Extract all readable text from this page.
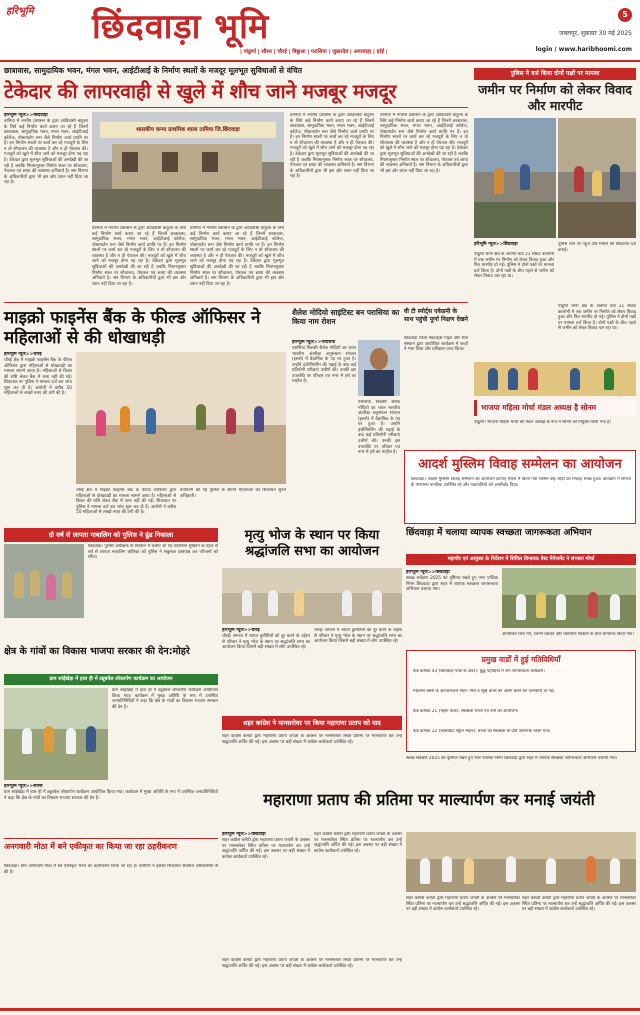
हरिभूमि छिंदवाड़ा भूमि	5
जबलपुर, शुक्रवार 30 मई 2025
login / www.haribhoomi.com
| पांढुर्णा | सौसर | चौरई | बिछुआ | परासिया | जुन्नारदेव | अमरवाड़ा | हर्रई |
छात्रावास, सामुदायिक भवन, मंगल भवन, आईटीआई के निर्माण स्थलों के मजदूर मूलभूत सुविधाओं से वंचित
टेकेदार की लापरवाही से खुले में शौच जाने मजबूर मजदूर
हरिभूमि न्यूज>>छिंदवाड़ा
तामिया में नगरीय प्रशासन के द्वारा आदिवासी बाहुल्य के लिये कई निर्माण कार्य कराए जा रहे हैं जिनमें छात्रावास, सामुदायिक भवन, मंगल भवन, आईटीआई कॉलेज, पोस्टमार्टम रूम जैसे निर्माण कार्य प्रगति पर हैं। इन निर्माण स्थलों पर कार्य कर रहे मजदूरों के लिए न तो शौचालय की व्यवस्था है और न ही पेयजल की। मजदूरों को खुले में शौच जाने को मजबूर होना पड़ रहा है। ठेकेदार द्वारा मूलभूत सुविधाओं की अनदेखी की जा रही है जबकि नियमानुसार निर्माण स्थल पर शौचालय, पेयजल एवं छाया की व्यवस्था अनिवार्य है। श्रम विभाग के अधिकारियों द्वारा भी इस ओर ध्यान नहीं दिया जा रहा है।
शासकीय कन्या प्राथमिक शाला तामिया जि.छिंदवाड़ा
तामिया में नगरीय प्रशासन के द्वारा आदिवासी बाहुल्य के लिये कई निर्माण कार्य कराए जा रहे हैं जिनमें छात्रावास, सामुदायिक भवन, मंगल भवन, आईटीआई कॉलेज, पोस्टमार्टम रूम जैसे निर्माण कार्य प्रगति पर हैं। इन निर्माण स्थलों पर कार्य कर रहे मजदूरों के लिए न तो शौचालय की व्यवस्था है और न ही पेयजल की। मजदूरों को खुले में शौच जाने को मजबूर होना पड़ रहा है। ठेकेदार द्वारा मूलभूत सुविधाओं की अनदेखी की जा रही है जबकि नियमानुसार निर्माण स्थल पर शौचालय, पेयजल एवं छाया की व्यवस्था अनिवार्य है। श्रम विभाग के अधिकारियों द्वारा भी इस ओर ध्यान नहीं दिया जा रहा है।
तामिया में नगरीय प्रशासन के द्वारा आदिवासी बाहुल्य के लिये कई निर्माण कार्य कराए जा रहे हैं जिनमें छात्रावास, सामुदायिक भवन, मंगल भवन, आईटीआई कॉलेज, पोस्टमार्टम रूम जैसे निर्माण कार्य प्रगति पर हैं। इन निर्माण स्थलों पर कार्य कर रहे मजदूरों के लिए न तो शौचालय की व्यवस्था है और न ही पेयजल की। मजदूरों को खुले में शौच जाने को मजबूर होना पड़ रहा है। ठेकेदार द्वारा मूलभूत सुविधाओं की अनदेखी की जा रही है जबकि नियमानुसार निर्माण स्थल पर शौचालय, पेयजल एवं छाया की व्यवस्था अनिवार्य है। श्रम विभाग के अधिकारियों द्वारा भी इस ओर ध्यान नहीं दिया जा रहा है।
तामिया में नगरीय प्रशासन के द्वारा आदिवासी बाहुल्य के लिये कई निर्माण कार्य कराए जा रहे हैं जिनमें छात्रावास, सामुदायिक भवन, मंगल भवन, आईटीआई कॉलेज, पोस्टमार्टम रूम जैसे निर्माण कार्य प्रगति पर हैं। इन निर्माण स्थलों पर कार्य कर रहे मजदूरों के लिए न तो शौचालय की व्यवस्था है और न ही पेयजल की। मजदूरों को खुले में शौच जाने को मजबूर होना पड़ रहा है। ठेकेदार द्वारा मूलभूत सुविधाओं की अनदेखी की जा रही है जबकि नियमानुसार निर्माण स्थल पर शौचालय, पेयजल एवं छाया की व्यवस्था अनिवार्य है। श्रम विभाग के अधिकारियों द्वारा भी इस ओर ध्यान नहीं दिया जा रहा है।
तामिया में नगरीय प्रशासन के द्वारा आदिवासी बाहुल्य के लिये कई निर्माण कार्य कराए जा रहे हैं जिनमें छात्रावास, सामुदायिक भवन, मंगल भवन, आईटीआई कॉलेज, पोस्टमार्टम रूम जैसे निर्माण कार्य प्रगति पर हैं। इन निर्माण स्थलों पर कार्य कर रहे मजदूरों के लिए न तो शौचालय की व्यवस्था है और न ही पेयजल की। मजदूरों को खुले में शौच जाने को मजबूर होना पड़ रहा है। ठेकेदार द्वारा मूलभूत सुविधाओं की अनदेखी की जा रही है जबकि नियमानुसार निर्माण स्थल पर शौचालय, पेयजल एवं छाया की व्यवस्था अनिवार्य है। श्रम विभाग के अधिकारियों द्वारा भी इस ओर ध्यान नहीं दिया जा रहा है।
पुलिस ने दर्ज किया दोनों पक्षों पर मामला
जमीन पर निर्माण को लेकर विवाद और मारपीट
हरिभूमि न्यूज>>छिंदवाड़ा	पुलिस थाने पर पहुंचे और मामले की शिकायत दर्ज कराई।
पांढुर्णा थाना क्षेत्र के अंतर्गत वार्ड 21 सम्राट कालोनी में एक जमीन पर निर्माण को लेकर विवाद हुआ और फिर मारपीट हो गई। पुलिस ने दोनों पक्षों पर मामला दर्ज किया है। दोनों पक्षों के बीच पहले से जमीन को लेकर विवाद चल रहा था।
पांढुर्णा थाना क्षेत्र के अंतर्गत वार्ड 21 सम्राट कालोनी में एक जमीन पर निर्माण को लेकर विवाद हुआ और फिर मारपीट हो गई। पुलिस ने दोनों पक्षों पर मामला दर्ज किया है। दोनों पक्षों के बीच पहले से जमीन को लेकर विवाद चल रहा था।
माइक्रो फाइनेंस बैंक के फील्ड ऑफिसर ने महिलाओं से की धोखाधड़ी
हरिभूमि न्यूज>>चौरई
चौरई क्षेत्र में माइक्रो फाइनेंस बैंक के फील्ड ऑफिसर द्वारा महिलाओं से धोखाधड़ी का मामला सामने आया है। महिलाओं से किश्त की राशि लेकर बैंक में जमा नहीं की गई। शिकायत पर पुलिस ने मामला दर्ज कर जांच शुरू कर दी है। आरोपी ने करीब 50 महिलाओं से लाखों रुपए की ठगी की है।
चौरई क्षेत्र में माइक्रो फाइनेंस बैंक के फील्ड ऑफिसर द्वारा महिलाओं से धोखाधड़ी का मामला सामने आया है। महिलाओं से किश्त की राशि लेकर बैंक में जमा नहीं की गई। शिकायत पर पुलिस ने मामला दर्ज कर जांच शुरू कर दी है। आरोपी ने करीब 50 महिलाओं से लाखों रुपए की ठगी की है।
नवीनतम की गई पुलिस के सामने महिलाओं की शिकायत सुनते अधिकारी।
शैलेश मोदियो साइंटिस्ट बन परासिया का किया नाम रोशन
हरिभूमि न्यूज>>परासिया
परासिया निवासी शैलेश मोदियो का चयन भारतीय अंतरिक्ष अनुसंधान संगठन (इसरो) में वैज्ञानिक के पद पर हुआ है। उन्होंने इंजीनियरिंग की पढ़ाई के बाद कई प्रतियोगी परीक्षाएं उत्तीर्ण की। उनकी इस उपलब्धि पर परिवार एवं नगर में हर्ष का माहौल है।
परासिया निवासी शैलेश मोदियो का चयन भारतीय अंतरिक्ष अनुसंधान संगठन (इसरो) में वैज्ञानिक के पद पर हुआ है। उन्होंने इंजीनियरिंग की पढ़ाई के बाद कई प्रतियोगी परीक्षाएं उत्तीर्ण की। उनकी इस उपलब्धि पर परिवार एवं नगर में हर्ष का माहौल है।
वी टी स्पोर्ट्स एकेडमी के साथ पहुंची पूर्णा निक्षण देखने
छिंदवाड़ा जिला स्काउट्स गाइड और सेवा संस्थान द्वारा आयोजित कार्यक्रम में बच्चों ने भाग लिया और प्रशिक्षण प्राप्त किया।
भाजपा महिला मोर्चा मंडल अध्यक्ष है सोनम
पांढुर्णा। भाजपा महिला मोर्चा की मंडल अध्यक्ष के रूप में सोनम को नियुक्त किया गया है।
आदर्श मुस्लिम विवाह सम्मेलन का आयोजन
छिंदवाड़ा। आदर्श मुस्लिम विवाह सम्मेलन का आयोजन ईदगाह मैदान में किया गया जिसमें कई जोड़ों का निकाह संपन्न हुआ। कार्यक्रम में समाज के गणमान्य नागरिक उपस्थित रहे और नवदंपतियों को आशीर्वाद दिया।
दो वर्ष से लापता नाबालिग को पुलिस ने ढूंढ निकाला
छिंदवाड़ा। पुलिस अधीक्षक के निर्देशन में चलाए जा रहे ऑपरेशन मुस्कान के तहत दो वर्ष से लापता नाबालिग बालिका को पुलिस ने सकुशल दस्तयाब कर परिजनों को सौंपा।
मृत्यु भोज के स्थान पर किया श्रद्धांजलि सभा का आयोजन
हरिभूमि न्यूज>>चौरई
चौरई। समाज में व्याप्त कुरीतियों को दूर करने के उद्देश्य से परिवार ने मृत्यु भोज के स्थान पर श्रद्धांजलि सभा का आयोजन किया जिसमें बड़ी संख्या में लोग उपस्थित रहे।
चौरई। समाज में व्याप्त कुरीतियों को दूर करने के उद्देश्य से परिवार ने मृत्यु भोज के स्थान पर श्रद्धांजलि सभा का आयोजन किया जिसमें बड़ी संख्या में लोग उपस्थित रहे।
छिंदवाड़ा में चलाया व्यापक स्वच्छता जागरूकता अभियान
महापौर एवं आयुक्त के निर्देशन में सिविल विनायक वेस्ट मैनेजमेंट ने संभाला मोर्चा
हरिभूमि न्यूज>>छिंदवाड़ा
स्वच्छ सर्वेक्षण 2025 को दृष्टिगत रखते हुए नगर पालिक निगम छिंदवाड़ा द्वारा शहर में व्यापक स्वच्छता जागरूकता अभियान चलाया गया।
आयोजित किए गए, जिनमें प्रबंधन और पर्यावरण संरक्षण के प्रति जागरूक किया गया।
प्रमुख वार्डों में हुई गतिविधियाँ
वार्ड क्रमांक 43 (छिंदवाड़ा पार्क के अंदर): बुद्ध पहाड़िया में जन जागरूकता कार्यक्रम।
मोहल्ला बस्ती के आरआरआर सेंटर: गीले व सूखे कचरे को अलग करने की जानकारी दी गई।
वार्ड क्रमांक 21 (नेहरू पार्क): स्वच्छता शपथ एवं रैली का आयोजन।
वार्ड क्रमांक 22 (कोलाघाट स्कूल मैदान): बच्चों को स्वच्छता के प्रति जागरूक किया गया।
क्षेत्र के गांवों का विकास भाजपा सरकार की देन:मोहरे
ग्राम सांईखेड़ा में हाल ही में ट्यूबवेल लोकार्पण कार्यक्रम का आयोजन
ग्राम सांईखेड़ा में हाल ही में ट्यूबवेल लोकार्पण कार्यक्रम आयोजित किया गया। कार्यक्रम में मुख्य अतिथि के रूप में उपस्थित जनप्रतिनिधियों ने कहा कि क्षेत्र के गांवों का विकास भाजपा सरकार की देन है।
हरिभूमि न्यूज>>सौसर
ग्राम सांईखेड़ा में हाल ही में ट्यूबवेल लोकार्पण कार्यक्रम आयोजित किया गया। कार्यक्रम में मुख्य अतिथि के रूप में उपस्थित जनप्रतिनिधियों ने कहा कि क्षेत्र के गांवों का विकास भाजपा सरकार की देन है।
शहर कांग्रेस ने मानसरोवर पर किया महाराणा प्रताप को याद
शहर कांग्रेस कमेटी द्वारा महाराणा प्रताप जयंती के अवसर पर मानसरोवर स्थित प्रतिमा पर माल्यार्पण कर उन्हें श्रद्धांजलि अर्पित की गई। इस अवसर पर बड़ी संख्या में कांग्रेस कार्यकर्ता उपस्थित रहे।
स्वच्छ सर्वेक्षण 2025 को दृष्टिगत रखते हुए नगर पालिक निगम छिंदवाड़ा द्वारा शहर में व्यापक स्वच्छता जागरूकता अभियान चलाया गया।
महाराणा प्रताप की प्रतिमा पर माल्यार्पण कर मनाई जयंती
हरिभूमि न्यूज>>छिंदवाड़ा
शहर कांग्रेस कमेटी द्वारा महाराणा प्रताप जयंती के अवसर पर मानसरोवर स्थित प्रतिमा पर माल्यार्पण कर उन्हें श्रद्धांजलि अर्पित की गई। इस अवसर पर बड़ी संख्या में कांग्रेस कार्यकर्ता उपस्थित रहे।
शहर कांग्रेस कमेटी द्वारा महाराणा प्रताप जयंती के अवसर पर मानसरोवर स्थित प्रतिमा पर माल्यार्पण कर उन्हें श्रद्धांजलि अर्पित की गई। इस अवसर पर बड़ी संख्या में कांग्रेस कार्यकर्ता उपस्थित रहे।
शहर कांग्रेस कमेटी द्वारा महाराणा प्रताप जयंती के अवसर पर मानसरोवर स्थित प्रतिमा पर माल्यार्पण कर उन्हें श्रद्धांजलि अर्पित की गई। इस अवसर पर बड़ी संख्या में कांग्रेस कार्यकर्ता उपस्थित रहे।
शहर कांग्रेस कमेटी द्वारा महाराणा प्रताप जयंती के अवसर पर मानसरोवर स्थित प्रतिमा पर माल्यार्पण कर उन्हें श्रद्धांजलि अर्पित की गई। इस अवसर पर बड़ी संख्या में कांग्रेस कार्यकर्ता उपस्थित रहे।
शहर कांग्रेस कमेटी द्वारा महाराणा प्रताप जयंती के अवसर पर मानसरोवर स्थित प्रतिमा पर माल्यार्पण कर उन्हें श्रद्धांजलि अर्पित की गई। इस अवसर पर बड़ी संख्या में कांग्रेस कार्यकर्ता उपस्थित रहे।
अनगवारी मोठा में बने एकीकृत का किया जा रहा ठहरीकरण
छिंदवाड़ा। ग्राम अनगवारी मोठा में बने एकीकृत भवन का ठहरीकरण किया जा रहा है। ग्रामीणों ने इसकी शिकायत संबंधित अधिकारियों से की है।
